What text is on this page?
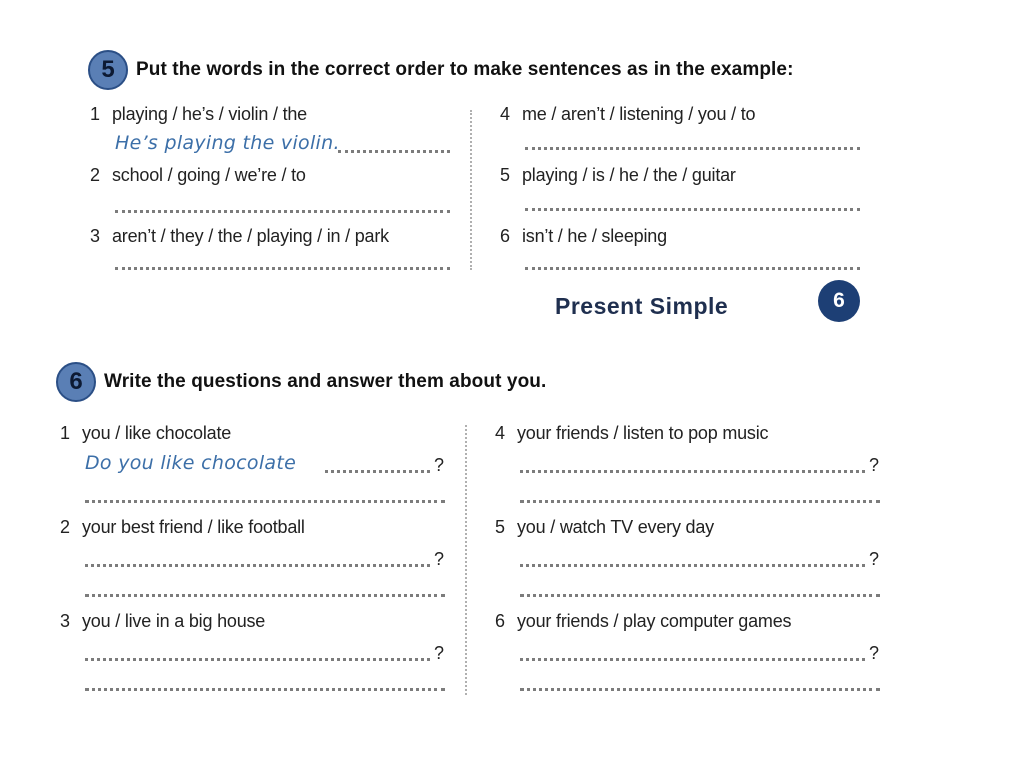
5	Put the words in the correct order to make sentences as in the example:
1 playing / he’s / violin / the
He’s playing the violin.
2 school / going / we’re / to
3 aren’t / they / the / playing / in / park
4 me / aren’t / listening / you / to
5 playing / is / he / the / guitar
6 isn’t / he / sleeping
Present Simple	6
6	Write the questions and answer them about you.
1 you / like chocolate
Do you like chocolate	?
2 your best friend / like football
?
3 you / live in a big house
?
4 your friends / listen to pop music
?
5 you / watch TV every day
?
6 your friends / play computer games
?
